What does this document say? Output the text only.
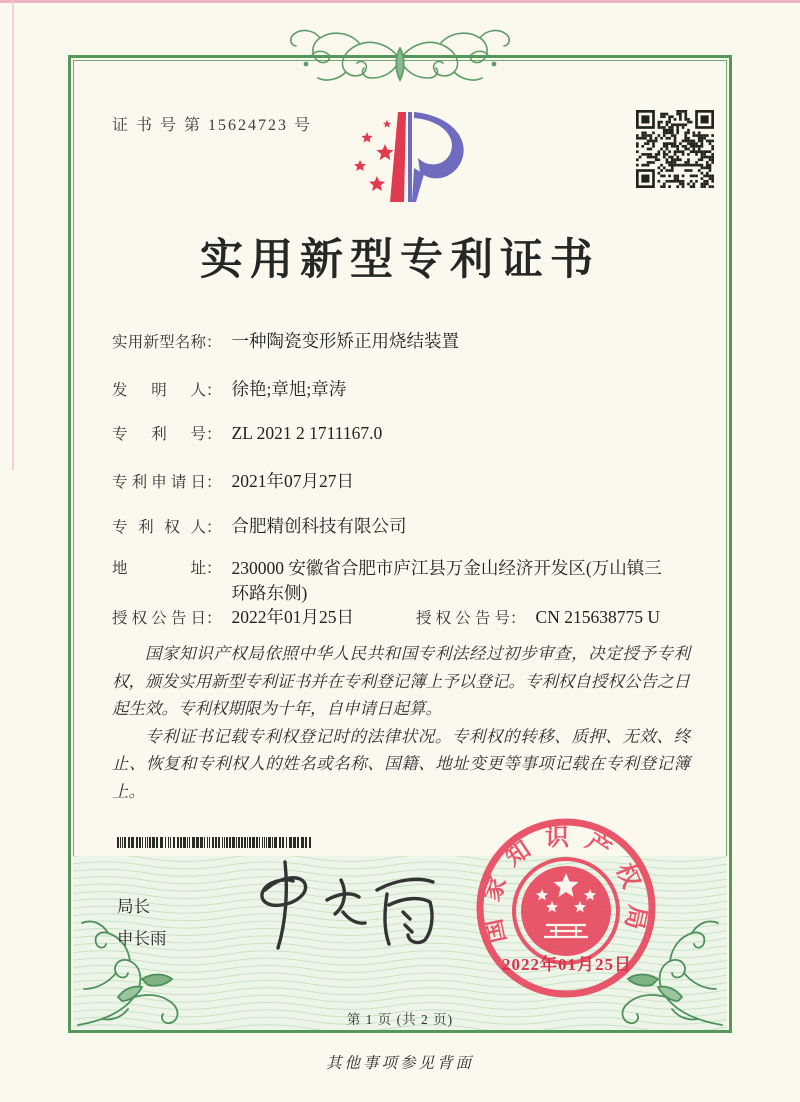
证 书 号 第 15624723 号
实用新型专利证书
实用新型名称： 一种陶瓷变形矫正用烧结装置
发明人： 徐艳;章旭;章涛
专利号： ZL 2021 2 1711167.0
专利申请日： 2021年07月27日
专利权人： 合肥精创科技有限公司
地址： 230000 安徽省合肥市庐江县万金山经济开发区(万山镇三
环路东侧)
授权公告日： 2022年01月25日	授权公告号： CN 215638775 U

国家知识产权局依照中华人民共和国专利法经过初步审查，决定授予专利权，颁发实用新型专利证书并在专利登记簿上予以登记。专利权自授权公告之日起生效。专利权期限为十年，自申请日起算。

专利证书记载专利权登记时的法律状况。专利权的转移、质押、无效、终止、恢复和专利权人的姓名或名称、国籍、地址变更等事项记载在专利登记簿上。

局长
申长雨	国家知识产权局
2022年01月25日
第 1 页 (共 2 页)
其他事项参见背面
